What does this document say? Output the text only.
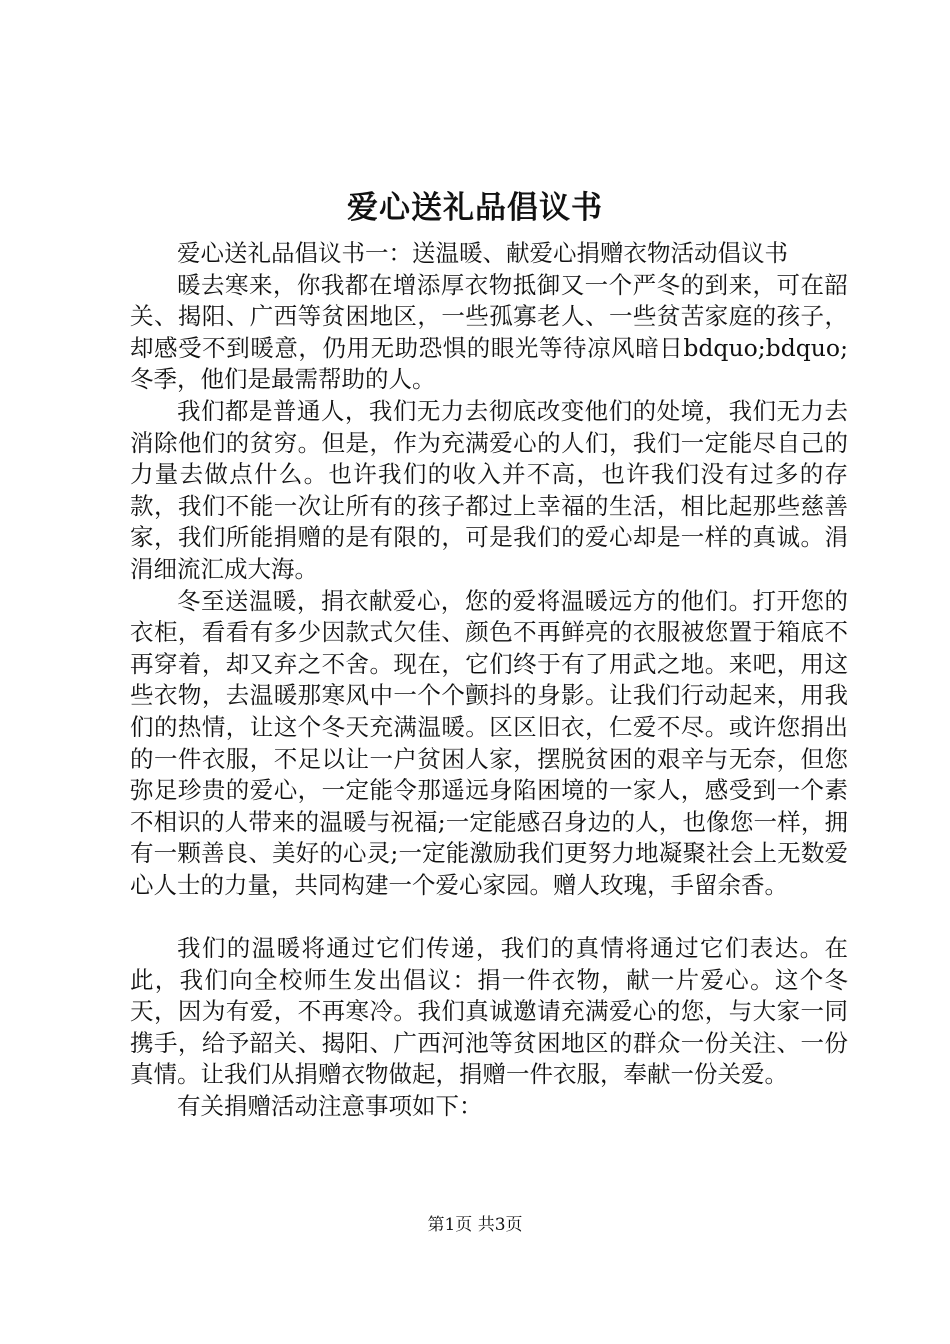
爱心送礼品倡议书

爱心送礼品倡议书一：送温暖、献爱心捐赠衣物活动倡议书

暖去寒来，你我都在增添厚衣物抵御又一个严冬的到来，可在韶关、揭阳、广西等贫困地区，一些孤寡老人、一些贫苦家庭的孩子，却感受不到暖意，仍用无助恐惧的眼光等待凉风暗日bdquo;bdquo;冬季，他们是最需帮助的人。

我们都是普通人，我们无力去彻底改变他们的处境，我们无力去消除他们的贫穷。但是，作为充满爱心的人们，我们一定能尽自己的力量去做点什么。也许我们的收入并不高，也许我们没有过多的存款，我们不能一次让所有的孩子都过上幸福的生活，相比起那些慈善家，我们所能捐赠的是有限的，可是我们的爱心却是一样的真诚。涓涓细流汇成大海。

冬至送温暖，捐衣献爱心，您的爱将温暖远方的他们。打开您的衣柜，看看有多少因款式欠佳、颜色不再鲜亮的衣服被您置于箱底不再穿着，却又弃之不舍。现在，它们终于有了用武之地。来吧，用这些衣物，去温暖那寒风中一个个颤抖的身影。让我们行动起来，用我们的热情，让这个冬天充满温暖。区区旧衣，仁爱不尽。或许您捐出的一件衣服，不足以让一户贫困人家，摆脱贫困的艰辛与无奈，但您弥足珍贵的爱心，一定能令那遥远身陷困境的一家人，感受到一个素不相识的人带来的温暖与祝福;一定能感召身边的人，也像您一样，拥有一颗善良、美好的心灵;一定能激励我们更努力地凝聚社会上无数爱心人士的力量，共同构建一个爱心家园。赠人玫瑰，手留余香。

我们的温暖将通过它们传递，我们的真情将通过它们表达。在此，我们向全校师生发出倡议：捐一件衣物，献一片爱心。这个冬天，因为有爱，不再寒冷。我们真诚邀请充满爱心的您，与大家一同携手，给予韶关、揭阳、广西河池等贫困地区的群众一份关注、一份真情。让我们从捐赠衣物做起，捐赠一件衣服，奉献一份关爱。

有关捐赠活动注意事项如下：

第1页 共3页
